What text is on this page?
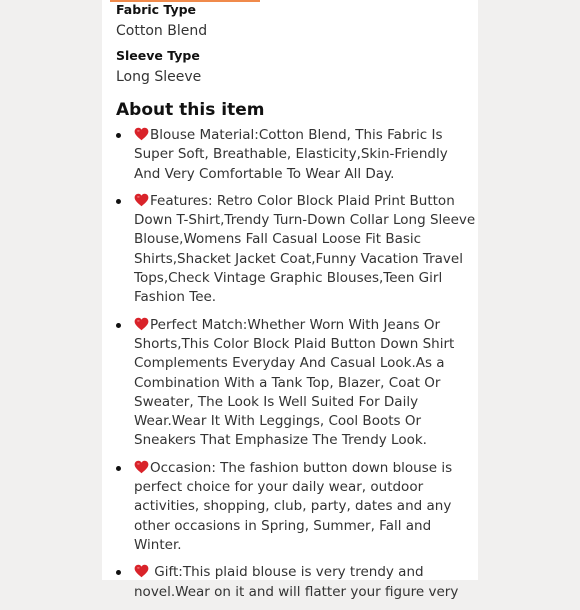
Fabric Type
Cotton Blend
Sleeve Type
Long Sleeve
About this item
Blouse Material:Cotton Blend, This Fabric Is Super Soft, Breathable, Elasticity,Skin-Friendly And Very Comfortable To Wear All Day.
Features: Retro Color Block Plaid Print Button Down T-Shirt,Trendy Turn-Down Collar Long Sleeve Blouse,Womens Fall Casual Loose Fit Basic Shirts,Shacket Jacket Coat,Funny Vacation Travel Tops,Check Vintage Graphic Blouses,Teen Girl Fashion Tee.
Perfect Match:Whether Worn With Jeans Or Shorts,This Color Block Plaid Button Down Shirt Complements Everyday And Casual Look.As a Combination With a Tank Top, Blazer, Coat Or Sweater, The Look Is Well Suited For Daily Wear.Wear It With Leggings, Cool Boots Or Sneakers That Emphasize The Trendy Look.
Occasion: The fashion button down blouse is perfect choice for your daily wear, outdoor activities, shopping, club, party, dates and any other occasions in Spring, Summer, Fall and Winter.
Gift:This plaid blouse is very trendy and novel.Wear on it and will flatter your figure very
